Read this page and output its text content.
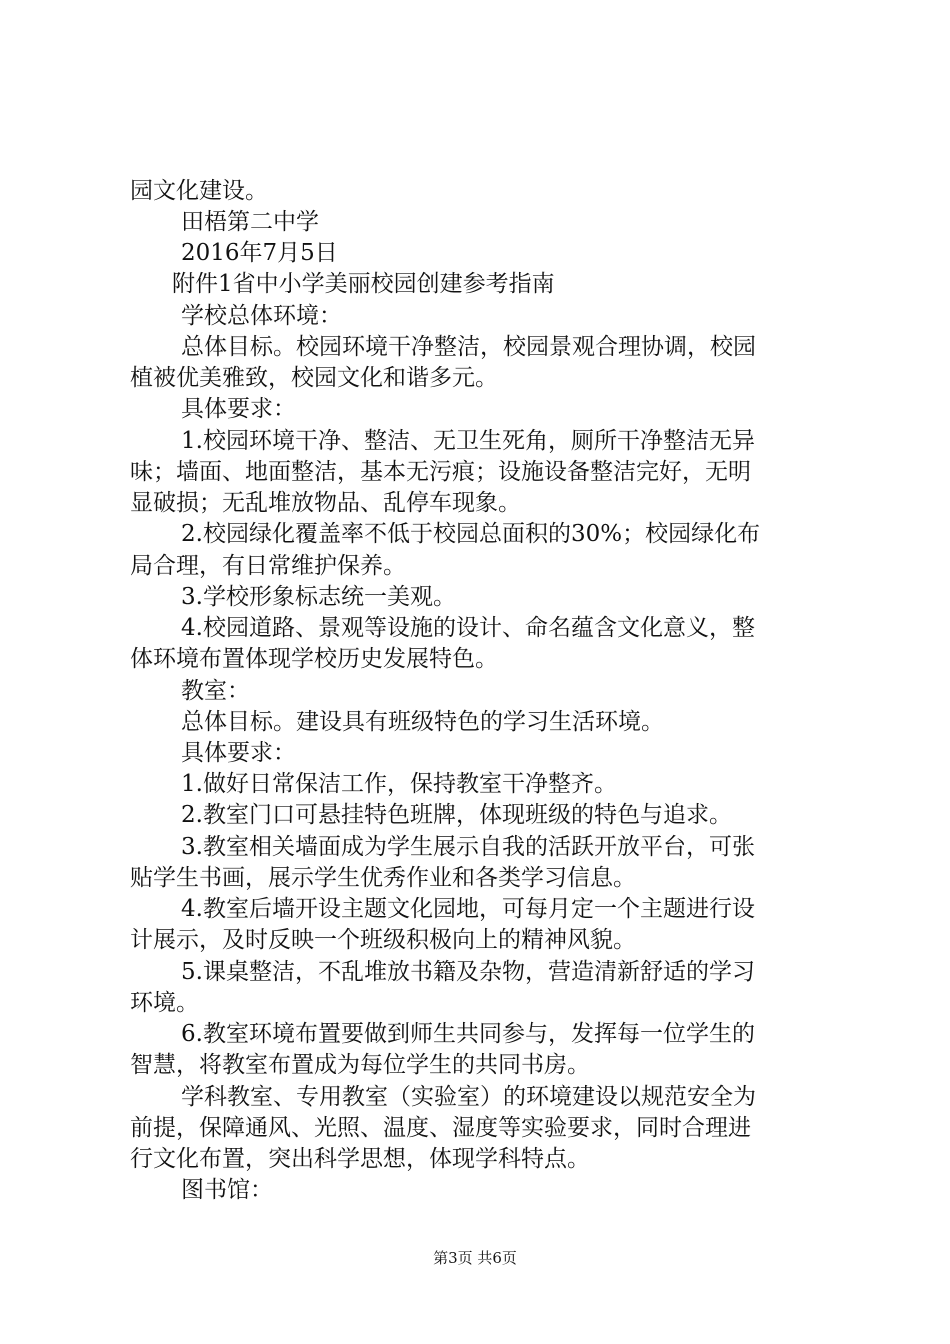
园文化建设。
田梧第二中学
2016年7月5日
附件1省中小学美丽校园创建参考指南
学校总体环境：
总体目标。校园环境干净整洁，校园景观合理协调，校园
植被优美雅致，校园文化和谐多元。
具体要求：
1.校园环境干净、整洁、无卫生死角，厕所干净整洁无异
味；墙面、地面整洁，基本无污痕；设施设备整洁完好，无明
显破损；无乱堆放物品、乱停车现象。
2.校园绿化覆盖率不低于校园总面积的30%；校园绿化布
局合理，有日常维护保养。
3.学校形象标志统一美观。
4.校园道路、景观等设施的设计、命名蕴含文化意义，整
体环境布置体现学校历史发展特色。
教室：
总体目标。建设具有班级特色的学习生活环境。
具体要求：
1.做好日常保洁工作，保持教室干净整齐。
2.教室门口可悬挂特色班牌，体现班级的特色与追求。
3.教室相关墙面成为学生展示自我的活跃开放平台，可张
贴学生书画，展示学生优秀作业和各类学习信息。
4.教室后墙开设主题文化园地，可每月定一个主题进行设
计展示，及时反映一个班级积极向上的精神风貌。
5.课桌整洁，不乱堆放书籍及杂物，营造清新舒适的学习
环境。
6.教室环境布置要做到师生共同参与，发挥每一位学生的
智慧，将教室布置成为每位学生的共同书房。
学科教室、专用教室（实验室）的环境建设以规范安全为
前提，保障通风、光照、温度、湿度等实验要求，同时合理进
行文化布置，突出科学思想，体现学科特点。
图书馆：
第3页 共6页
